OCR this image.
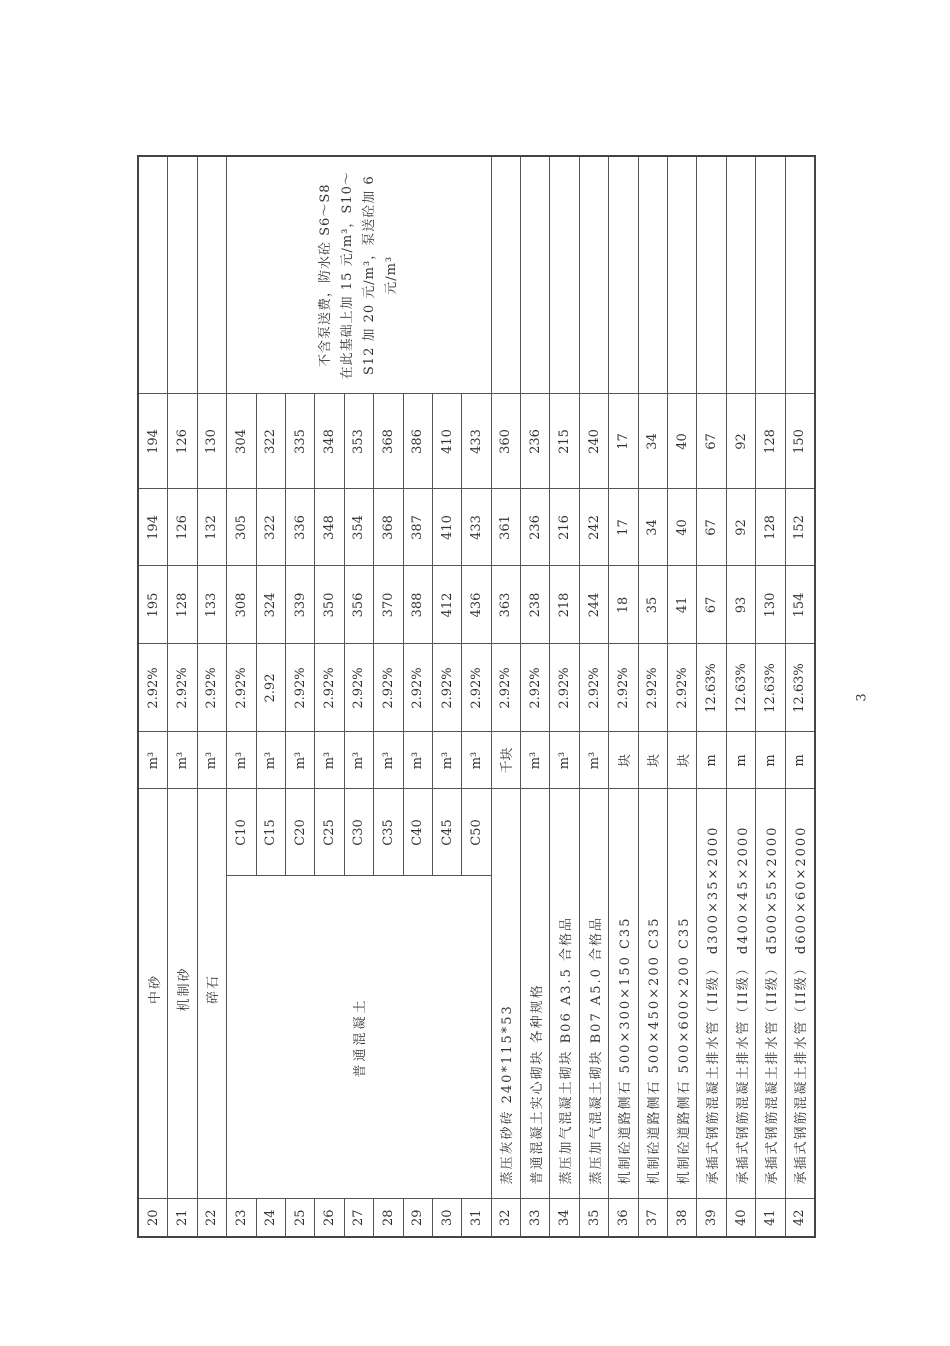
20	中砂		m³	2.92%	195	194	194	
21	机制砂		m³	2.92%	128	126	126	
22	碎石		m³	2.92%	133	132	130	
23	普通混凝土	C10	m³	2.92%	308	305	304	不含泵送费，防水砼 S6～S8 在此基础上加 15 元/m³，S10～ S12 加 20 元/m³，泵送砼加 6 元/m³

24		C15	m³	2.92	324	322	322	
25		C20	m³	2.92%	339	336	335	
26		C25	m³	2.92%	350	348	348	
27		C30	m³	2.92%	356	354	353	
28		C35	m³	2.92%	370	368	368	
29		C40	m³	2.92%	388	387	386	
30		C45	m³	2.92%	412	410	410	
31		C50	m³	2.92%	436	433	433	
32	蒸压灰砂砖 240*115*53		千块	2.92%	363	361	360	
33	普通混凝土实心砌块 各种规格		m³	2.92%	238	236	236	
34	蒸压加气混凝土砌块 B06 A3.5 合格品		m³	2.92%	218	216	215	
35	蒸压加气混凝土砌块 B07 A5.0 合格品		m³	2.92%	244	242	240	
36	机制砼道路侧石 500×300×150 C35		块	2.92%	18	17	17	
37	机制砼道路侧石 500×450×200 C35		块	2.92%	35	34	34	
38	机制砼道路侧石 500×600×200 C35		块	2.92%	41	40	40	
39	承插式钢筋混凝土排水管（II级） d300×35×2000		m	12.63%	67	67	67	
40	承插式钢筋混凝土排水管（II级） d400×45×2000		m	12.63%	93	92	92	
41	承插式钢筋混凝土排水管（II级） d500×55×2000		m	12.63%	130	128	128	
42	承插式钢筋混凝土排水管（II级） d600×60×2000		m	12.63%	154	152	150	
3
